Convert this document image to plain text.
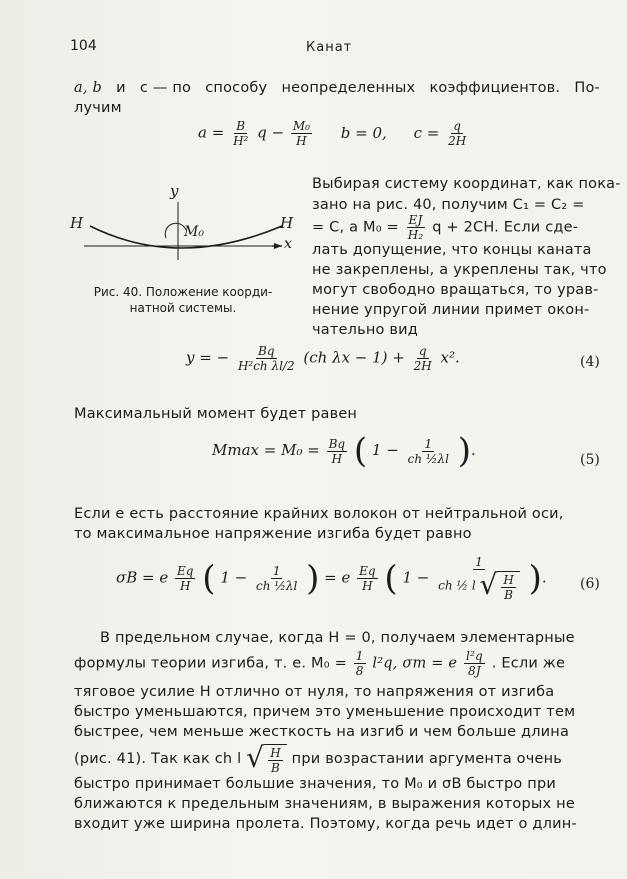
104	Канат
a, b и c — по способу неопределенных коэффициентов. По-
лучим
$a = \frac{B}{\text{H²}}$ $q - \frac{\text{M₀}}{H}$ b = 0, $c = \frac{q}{2H}$
y
H	M₀	H
x
Рис. 40. Положение коорди-
натной системы.
Выбирая систему координат, как пока-
зано на рис. 40, получим C₁ = C₂ =
= C, а $M_0 = \frac{EJ}{\text{H₂}}$ q + 2CH. Если сде-
лать допущение, что концы каната
не закреплены, а укреплены так, что
могут свободно вращаться, то урав-
нение упругой линии примет окон-
чательно вид
y = − $\frac{Bq}{\text{H²ch λl/2}} (ch$ $\lambda x - 1) + \frac{q}{2H} x^2$.	(4)
Максимальный момент будет равен
$Mmax = M_0 = \frac{Bq}{H}$ ( $1 - \frac{1}{\text{ch ½λl}}$ ).
(5)
Если e есть расстояние крайних волокон от нейтральной оси,
то максимальное напряжение изгиба будет равно
σB = e $\frac{Eq}{H}$ ( $1 - \frac{1}{\text{ch ½λl}}$ ) = e $\frac{Eq}{H}$ ( $1 - \frac{1}{ch \frac{1}{2} l √ \frac{H}{B}}$ ). (6)
В предельном случае, когда H = 0, получаем элементарные
формулы теории изгиба, т. е. $M_0 = \frac{1}{8} l^2q$, σm = e $\frac{\text{l²q}}{8J}$ . Если же
тяговое усилие H отлично от нуля, то напряжения от изгиба
быстро уменьшаются, причем это уменьшение происходит тем
быстрее, чем меньше жесткость на изгиб и чем больше длина
(рис. 41). Так как ch l √ $\frac{H}{B}$ при возрастании аргумента очень
быстро принимает большие значения, то M₀ и σB быстро при
ближаются к предельным значениям, в выражения которых не
входит уже ширина пролета. Поэтому, когда речь идет о длин-
